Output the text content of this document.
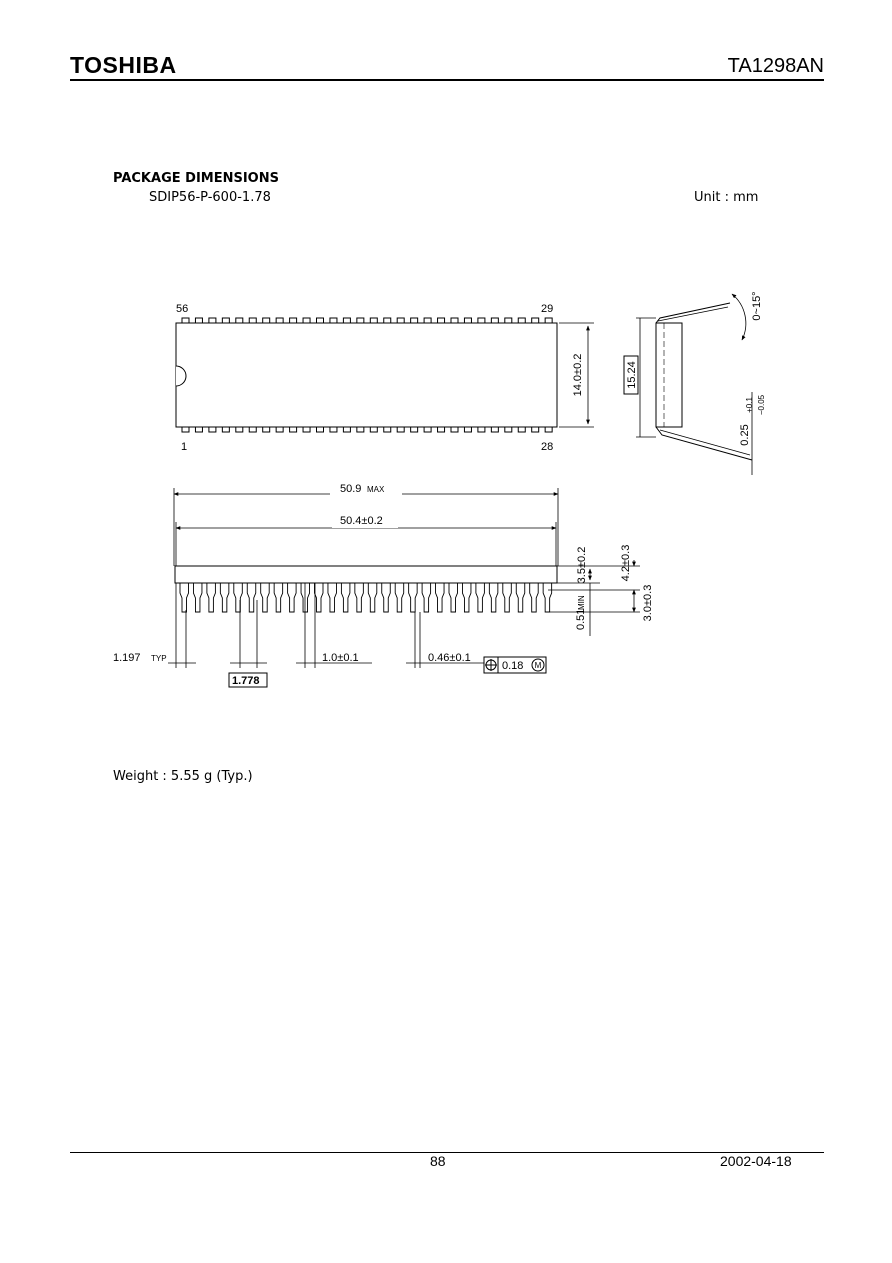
TOSHIBA	TA1298AN
PACKAGE DIMENSIONS
SDIP56-P-600-1.78	Unit : mm
56	29
1	28
14.0±0.2	15.24
0~15°
0.25
+0.1 −0.05
50.9 MAX
50.4±0.2
3.5±0.2	4.2±0.3
0.51
MIN	3.0±0.3
1.197 TYP
1.778
1.0±0.1	0.46±0.1
0.18 M
Weight : 5.55 g (Typ.)
88	2002-04-18
